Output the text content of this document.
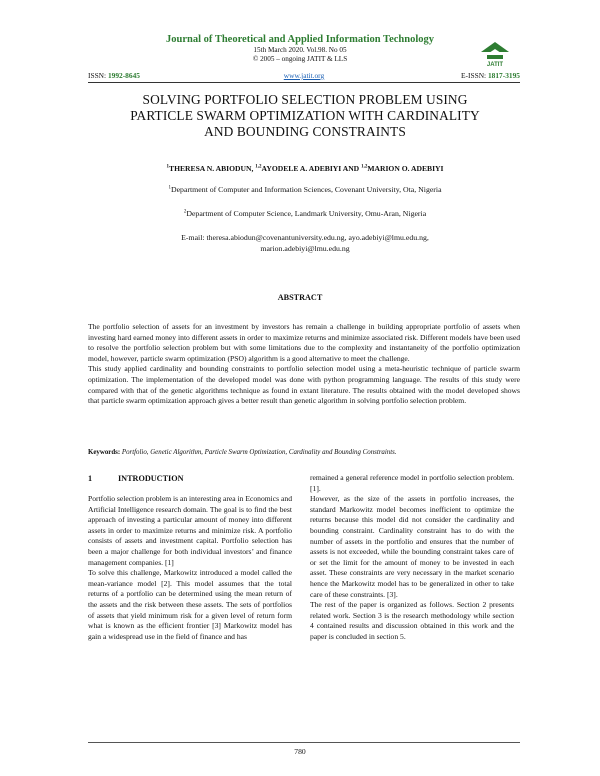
Journal of Theoretical and Applied Information Technology
15th March 2020. Vol.98. No 05
© 2005 – ongoing JATIT & LLS
JATIT
ISSN: 1992-8645	www.jatit.org	E-ISSN: 1817-3195
SOLVING PORTFOLIO SELECTION PROBLEM USING
PARTICLE SWARM OPTIMIZATION WITH CARDINALITY
AND BOUNDING CONSTRAINTS
$^1$THERESA N. ABIODUN, $^{1,2}$AYODELE A. ADEBIYI AND $^{1,2}$MARION O. ADEBIYI
$^1$Department of Computer and Information Sciences, Covenant University, Ota, Nigeria
$^2$Department of Computer Science, Landmark University, Omu-Aran, Nigeria
E-mail: theresa.abiodun@covenantuniversity.edu.ng, ayo.adebiyi@lmu.edu.ng,
marion.adebiyi@lmu.edu.ng
ABSTRACT

The portfolio selection of assets for an investment by investors has remain a challenge in building appropriate portfolio of assets when investing hard earned money into different assets in order to maximize returns and minimize associated risk. Different models have been used to resolve the portfolio selection problem but with some limitations due to the complexity and instantaneity of the portfolio optimization model, however, particle swarm optimization (PSO) algorithm is a good alternative to meet the challenge.

This study applied cardinality and bounding constraints to portfolio selection model using a meta-heuristic technique of particle swarm optimization. The implementation of the developed model was done with python programming language. The results of this study were compared with that of the genetic algorithms technique as found in extant literature. The results obtained with the model developed shows that particle swarm optimization approach gives a better result than genetic algorithm in solving portfolio selection problem.

Keywords: Portfolio, Genetic Algorithm, Particle Swarm Optimization, Cardinality and Bounding Constraints.
1	INTRODUCTION

Portfolio selection problem is an interesting area in Economics and Artificial Intelligence research domain. The goal is to find the best approach of investing a particular amount of money into different assets in order to maximize returns and minimize risk. A portfolio consists of assets and investment capital. Portfolio selection has been a major challenge for both individual investors’ and finance management companies. [1]

To solve this challenge, Markowitz introduced a model called the mean-variance model [2]. This model assumes that the total returns of a portfolio can be determined using the mean return of the assets and the risk between these assets. The sets of portfolios of assets that yield minimum risk for a given level of return form what is known as the efficient frontier [3] Markowitz model has gain a widespread use in the field of finance and has

remained a general reference model in portfolio selection problem. [1].

However, as the size of the assets in portfolio increases, the standard Markowitz model becomes inefficient to optimize the returns because this model did not consider the cardinality and bounding constraint. Cardinality constraint has to do with the number of assets in the portfolio and ensures that the number of assets is not exceeded, while the bounding constraint takes care of or set the limit for the amount of money to be invested in each asset. These constraints are very necessary in the market scenario hence the Markowitz model has to be generalized in other to take care of these constraints. [3].

The rest of the paper is organized as follows. Section 2 presents related work. Section 3 is the research methodology while section 4 contained results and discussion obtained in this work and the paper is concluded in section 5.

780
